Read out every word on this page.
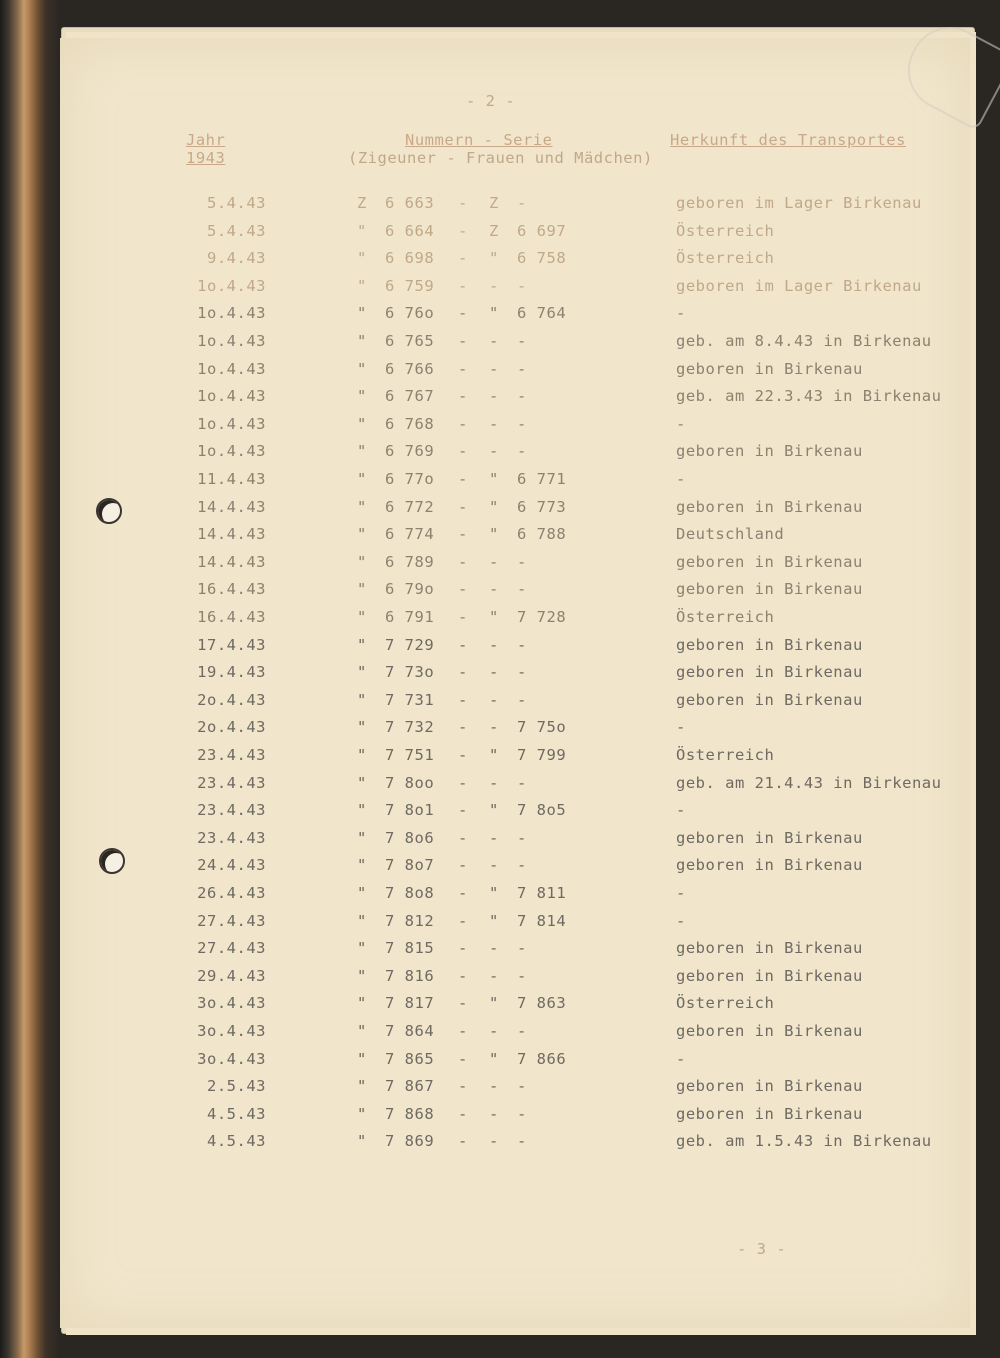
- 2 -
Jahr
1943
Nummern - Serie
(Zigeuner - Frauen und Mädchen)
Herkunft des Transportes
5.4.43	Z 6 663 - Z -	geboren im Lager Birkenau
5.4.43	" 6 664 - Z 6 697	Österreich
9.4.43	" 6 698 - " 6 758	Österreich
1o.4.43	" 6 759 - - -	geboren im Lager Birkenau
1o.4.43	" 6 76o - " 6 764	-
1o.4.43	" 6 765 - - -	geb. am 8.4.43 in Birkenau
1o.4.43	" 6 766 - - -	geboren in Birkenau
1o.4.43	" 6 767 - - -	geb. am 22.3.43 in Birkenau
1o.4.43	" 6 768 - - -	-
1o.4.43	" 6 769 - - -	geboren in Birkenau
11.4.43	" 6 77o - " 6 771	-
14.4.43	" 6 772 - " 6 773	geboren in Birkenau
14.4.43	" 6 774 - " 6 788	Deutschland
14.4.43	" 6 789 - - -	geboren in Birkenau
16.4.43	" 6 79o - - -	geboren in Birkenau
16.4.43	" 6 791 - " 7 728	Österreich
17.4.43	" 7 729 - - -	geboren in Birkenau
19.4.43	" 7 73o - - -	geboren in Birkenau
2o.4.43	" 7 731 - - -	geboren in Birkenau
2o.4.43	" 7 732 - - 7 75o	-
23.4.43	" 7 751 - " 7 799	Österreich
23.4.43	" 7 8oo - - -	geb. am 21.4.43 in Birkenau
23.4.43	" 7 8o1 - " 7 8o5	-
23.4.43	" 7 8o6 - - -	geboren in Birkenau
24.4.43	" 7 8o7 - - -	geboren in Birkenau
26.4.43	" 7 8o8 - " 7 811	-
27.4.43	" 7 812 - " 7 814	-
27.4.43	" 7 815 - - -	geboren in Birkenau
29.4.43	" 7 816 - - -	geboren in Birkenau
3o.4.43	" 7 817 - " 7 863	Österreich
3o.4.43	" 7 864 - - -	geboren in Birkenau
3o.4.43	" 7 865 - " 7 866	-
2.5.43	" 7 867 - - -	geboren in Birkenau
4.5.43	" 7 868 - - -	geboren in Birkenau
4.5.43	" 7 869 - - -	geb. am 1.5.43 in Birkenau
- 3 -
